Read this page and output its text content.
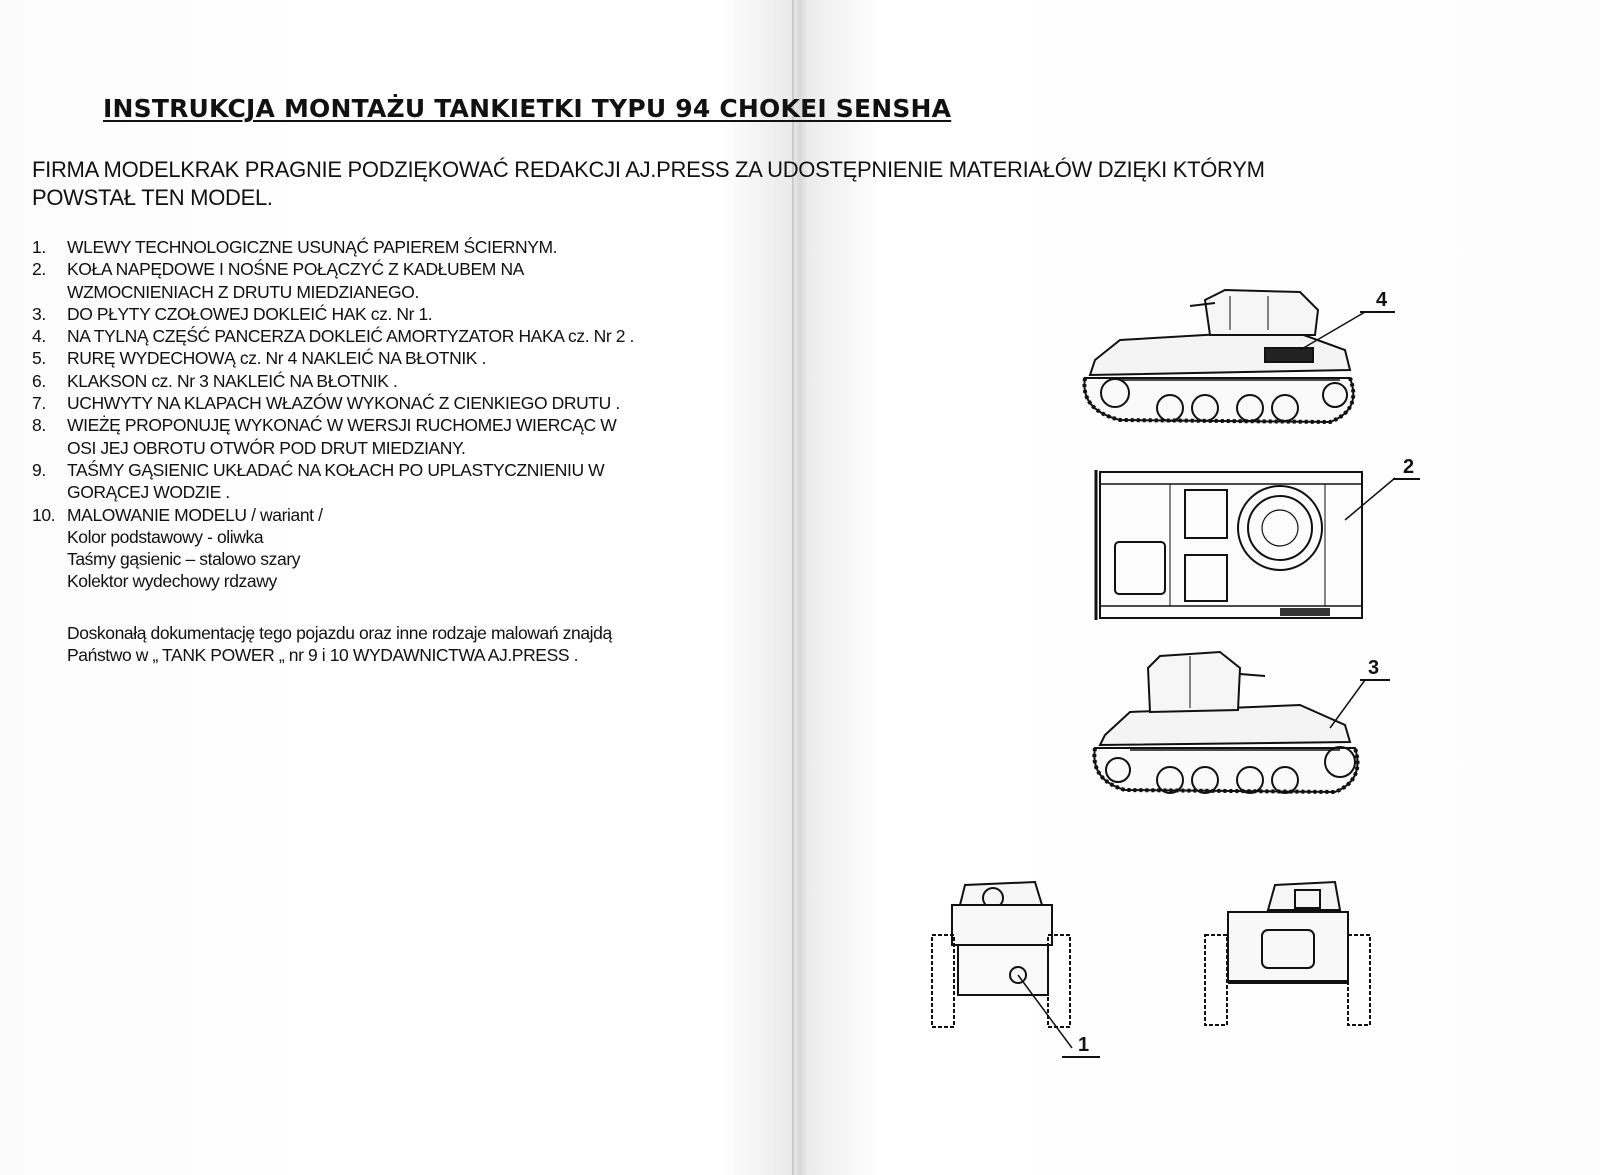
INSTRUKCJA MONTAŻU TANKIETKI TYPU 94 CHOKEI SENSHA
FIRMA MODELKRAK PRAGNIE PODZIĘKOWAĆ REDAKCJI AJ.PRESS ZA UDOSTĘPNIENIE MATERIAŁÓW DZIĘKI KTÓRYM
POWSTAŁ TEN MODEL.
1.	WLEWY TECHNOLOGICZNE USUNĄĆ PAPIEREM ŚCIERNYM.
2.	KOŁA NAPĘDOWE I NOŚNE POŁĄCZYĆ Z KADŁUBEM NA
WZMOCNIENIACH Z DRUTU MIEDZIANEGO.
3.	DO PŁYTY CZOŁOWEJ DOKLEIĆ HAK cz. Nr 1.
4.	NA TYLNĄ CZĘŚĆ PANCERZA DOKLEIĆ AMORTYZATOR HAKA cz. Nr 2 .
5.	RURĘ WYDECHOWĄ cz. Nr 4 NAKLEIĆ NA BŁOTNIK .
6.	KLAKSON cz. Nr 3 NAKLEIĆ NA BŁOTNIK .
7.	UCHWYTY NA KLAPACH WŁAZÓW WYKONAĆ Z CIENKIEGO DRUTU .
8.	WIEŻĘ PROPONUJĘ WYKONAĆ W WERSJI RUCHOMEJ WIERCĄC W
OSI JEJ OBROTU OTWÓR POD DRUT MIEDZIANY.
9.	TAŚMY GĄSIENIC UKŁADAĆ NA KOŁACH PO UPLASTYCZNIENIU W
GORĄCEJ WODZIE .
10. MALOWANIE MODELU / wariant /
Kolor podstawowy - oliwka
Taśmy gąsienic – stalowo szary
Kolektor wydechowy rdzawy
Doskonałą dokumentację tego pojazdu oraz inne rodzaje malowań znajdą
Państwo w „ TANK POWER „ nr 9 i 10 WYDAWNICTWA AJ.PRESS .
4
2
3
1
